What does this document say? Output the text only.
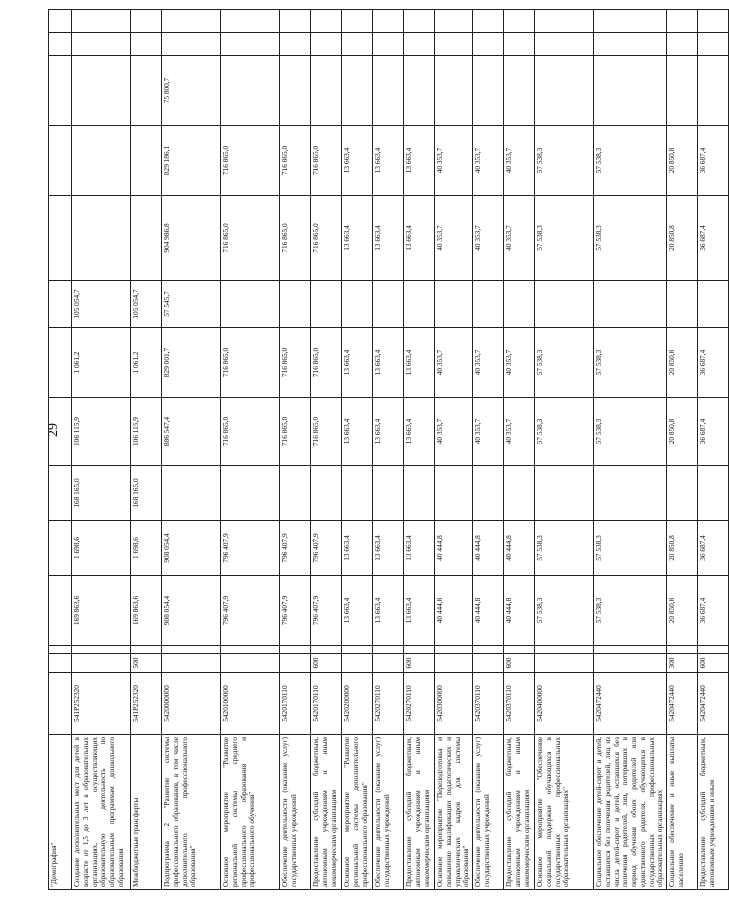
29
"Демография"														
Создание дополнительных мест для детей в возрасте от 1,5 до 3 лет в образовательных организациях, осуществляющих образовательную деятельность по образовательным программам дошкольного образования	541P252320			169 863,6	1 698,6	168 165,0	106 115,9	1 061,2	105 054,7					
Межбюджетные трансферты	541P252320	500		169 863,6	1 698,6	168 165,0	106 115,9	1 061,2	105 054,7					
Подпрограмма 2 "Развитие системы профессионального образования, в том числе дополнительного профессионального образования"	5420000000			908 054,4	908 054,4		886 547,4	829 001,7	57 545,7	904 986,8	829 186,1	75 800,7		
Основное мероприятие "Развитие региональной системы среднего профессионального образования и профессионального обучения"	5420100000			796 407,9	796 407,9		716 865,0	716 865,0		716 865,0	716 865,0			
Обеспечение деятельности (оказание услуг) государственных учреждений	5420170110			796 407,9	796 407,9		716 865,0	716 865,0		716 865,0	716 865,0			
Предоставление субсидий бюджетным, автономным учреждениям и иным некоммерческим организациям	5420170110	600		796 407,9	796 407,9		716 865,0	716 865,0		716 865,0	716 865,0			
Основное мероприятие "Развитие региональной системы дополнительного профессионального образования"	5420200000			13 663,4	13 663,4		13 663,4	13 663,4		13 663,4	13 663,4			
Обеспечение деятельности (оказание услуг) государственных учреждений	5420270110			13 663,4	13 663,4		13 663,4	13 663,4		13 663,4	13 663,4			
Предоставление субсидий бюджетным, автономным учреждениям и иным некоммерческим организациям	5420270110	600		13 663,4	13 663,4		13 663,4	13 663,4		13 663,4	13 663,4			
Основное мероприятие "Переподготовка и повышение квалификации педагогических и управленческих кадров для системы образования"	5420300000			40 444,8	40 444,8		40 353,7	40 353,7		40 353,7	40 353,7			
Обеспечение деятельности (оказание услуг) государственных учреждений	5420370110			40 444,8	40 444,8		40 353,7	40 353,7		40 353,7	40 353,7			
Предоставление субсидий бюджетным, автономным учреждениям и иным некоммерческим организациям	5420370110	600		40 444,8	40 444,8		40 353,7	40 353,7		40 353,7	40 353,7			
Основное мероприятие "Обеспечение социальной поддержки обучающихся в государственных профессиональных образовательных организациях"	5420400000			57 538,3	57 538,3		57 538,3	57 538,3		57 538,3	57 538,3			
Социальное обеспечение детей-сирот и детей, оставшихся без попечения родителей, лиц из числа детей-сирот и детей, оставшихся без попечения родителей, лиц, потерявших в период обучения обоих родителей или единственного родителя, обучающихся в государственных профессиональных образовательных организациях	5420472440			57 538,3	57 538,3		57 538,3	57 538,3		57 538,3	57 538,3			
Социальное обеспечение и иные выплаты населению	5420472440	300		20 850,8	20 850,8		20 850,8	20 850,8		20 850,8	20 850,8			
Предоставление субсидий бюджетным, автономным учреждениям и иным	5420472440	600		36 687,4	36 687,4		36 687,4	36 687,4		36 687,4	36 687,4			
